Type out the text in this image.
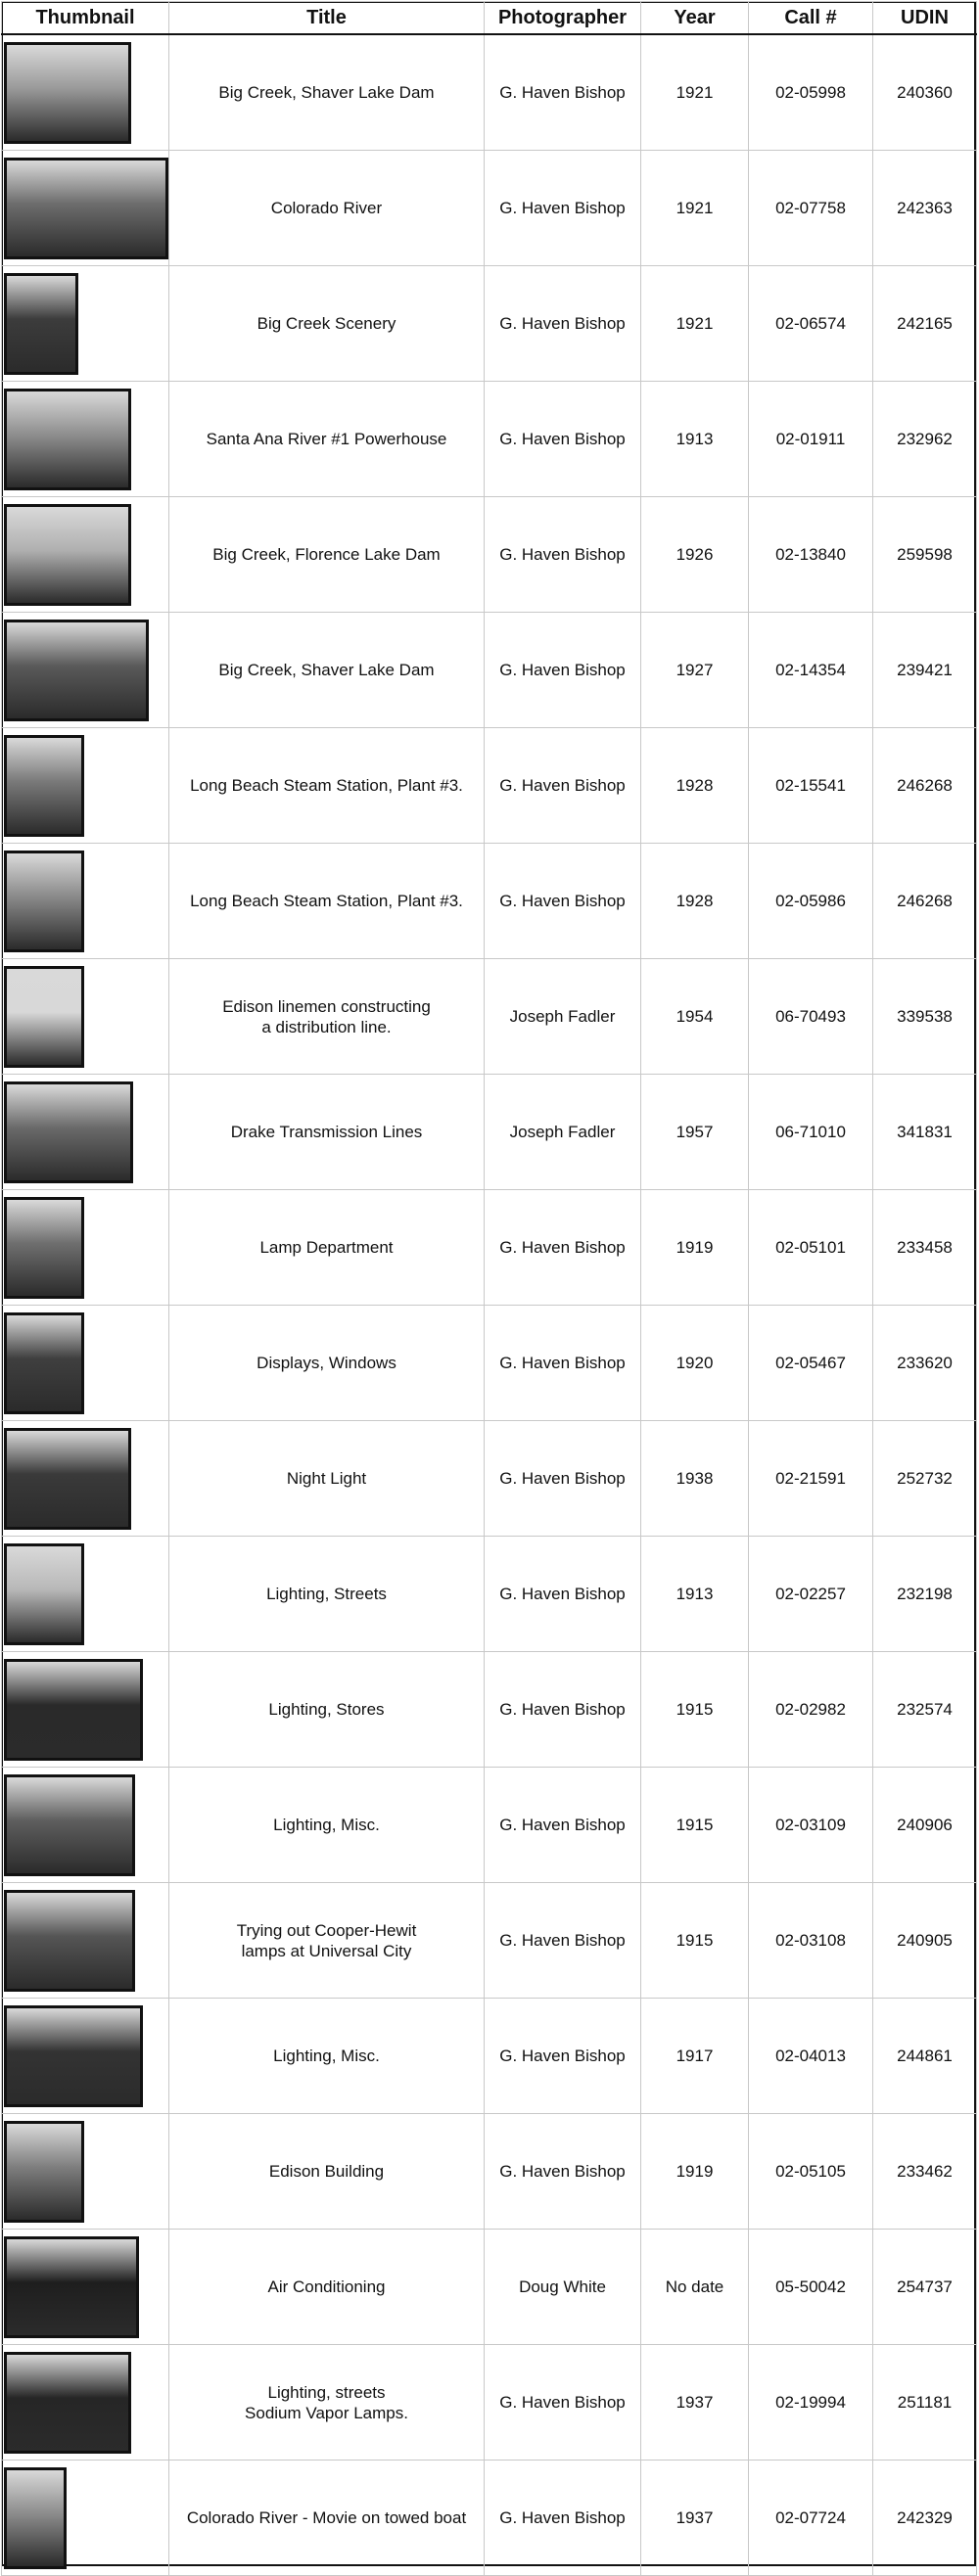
Thumbnail	Title	Photographer	Year	Call #	UDIN
	Big Creek, Shaver Lake Dam	G. Haven Bishop	1921	02-05998	240360
	Colorado River	G. Haven Bishop	1921	02-07758	242363
	Big Creek Scenery	G. Haven Bishop	1921	02-06574	242165
	Santa Ana River #1 Powerhouse	G. Haven Bishop	1913	02-01911	232962
	Big Creek, Florence Lake Dam	G. Haven Bishop	1926	02-13840	259598
	Big Creek, Shaver Lake Dam	G. Haven Bishop	1927	02-14354	239421
	Long Beach Steam Station, Plant #3.	G. Haven Bishop	1928	02-15541	246268
	Long Beach Steam Station, Plant #3.	G. Haven Bishop	1928	02-05986	246268
	Edison linemen constructing
a distribution line.	Joseph Fadler	1954	06-70493	339538
	Drake Transmission Lines	Joseph Fadler	1957	06-71010	341831
	Lamp Department	G. Haven Bishop	1919	02-05101	233458
	Displays, Windows	G. Haven Bishop	1920	02-05467	233620
	Night Light	G. Haven Bishop	1938	02-21591	252732
	Lighting, Streets	G. Haven Bishop	1913	02-02257	232198
	Lighting, Stores	G. Haven Bishop	1915	02-02982	232574
	Lighting, Misc.	G. Haven Bishop	1915	02-03109	240906
	Trying out Cooper-Hewit
lamps at Universal City	G. Haven Bishop	1915	02-03108	240905
	Lighting, Misc.	G. Haven Bishop	1917	02-04013	244861
	Edison Building	G. Haven Bishop	1919	02-05105	233462
	Air Conditioning	Doug White	No date	05-50042	254737
	Lighting, streets
Sodium Vapor Lamps.	G. Haven Bishop	1937	02-19994	251181
	Colorado River - Movie on towed boat	G. Haven Bishop	1937	02-07724	242329
